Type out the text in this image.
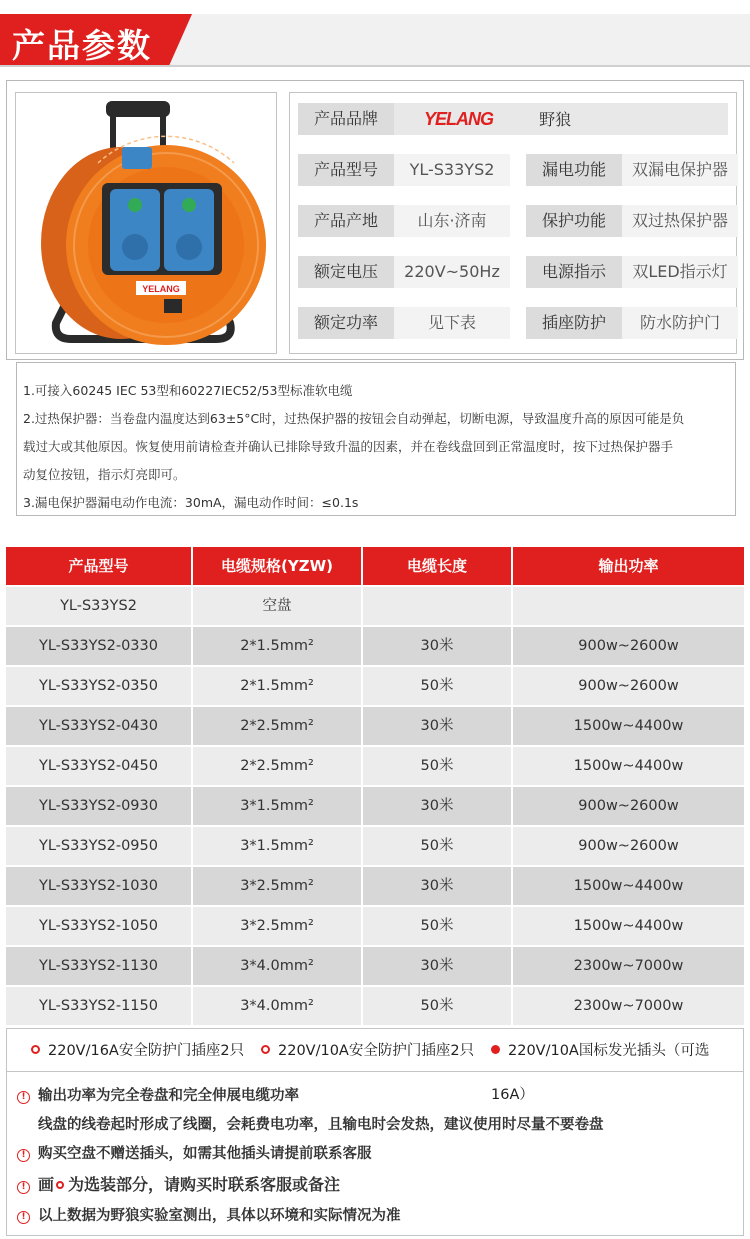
产品参数
YELANG
产品品牌	YELANG	野狼
产品型号	YL-S33YS2	漏电功能	双漏电保护器
产品产地	山东·济南	保护功能	双过热保护器
额定电压	220V~50Hz	电源指示	双LED指示灯
额定功率	见下表	插座防护	防水防护门

1.可接入60245 IEC 53型和60227IEC52/53型标准软电缆

2.过热保护器：当卷盘内温度达到63±5°C时，过热保护器的按钮会自动弹起，切断电源，导致温度升高的原因可能是负

载过大或其他原因。恢复使用前请检查并确认已排除导致升温的因素，并在卷线盘回到正常温度时，按下过热保护器手

动复位按钮，指示灯亮即可。

3.漏电保护器漏电动作电流：30mA，漏电动作时间：≤0.1s

产品型号	电缆规格(YZW)	电缆长度	输出功率
YL-S33YS2	空盘
YL-S33YS2-0330	2*1.5mm²	30米	900w~2600w
YL-S33YS2-0350	2*1.5mm²	50米	900w~2600w
YL-S33YS2-0430	2*2.5mm²	30米	1500w~4400w
YL-S33YS2-0450	2*2.5mm²	50米	1500w~4400w
YL-S33YS2-0930	3*1.5mm²	30米	900w~2600w
YL-S33YS2-0950	3*1.5mm²	50米	900w~2600w
YL-S33YS2-1030	3*2.5mm²	30米	1500w~4400w
YL-S33YS2-1050	3*2.5mm²	50米	1500w~4400w
YL-S33YS2-1130	3*4.0mm²	30米	2300w~7000w
YL-S33YS2-1150	3*4.0mm²	50米	2300w~7000w
220V/16A安全防护门插座2只	220V/10A安全防护门插座2只	220V/10A国标发光插头（可选16A）
! 输出功率为完全卷盘和完全伸展电缆功率
线盘的线卷起时形成了线圈，会耗费电功率，且输电时会发热，建议使用时尽量不要卷盘
! 购买空盘不赠送插头，如需其他插头请提前联系客服
! 画 为选装部分，请购买时联系客服或备注
! 以上数据为野狼实验室测出，具体以环境和实际情况为准
